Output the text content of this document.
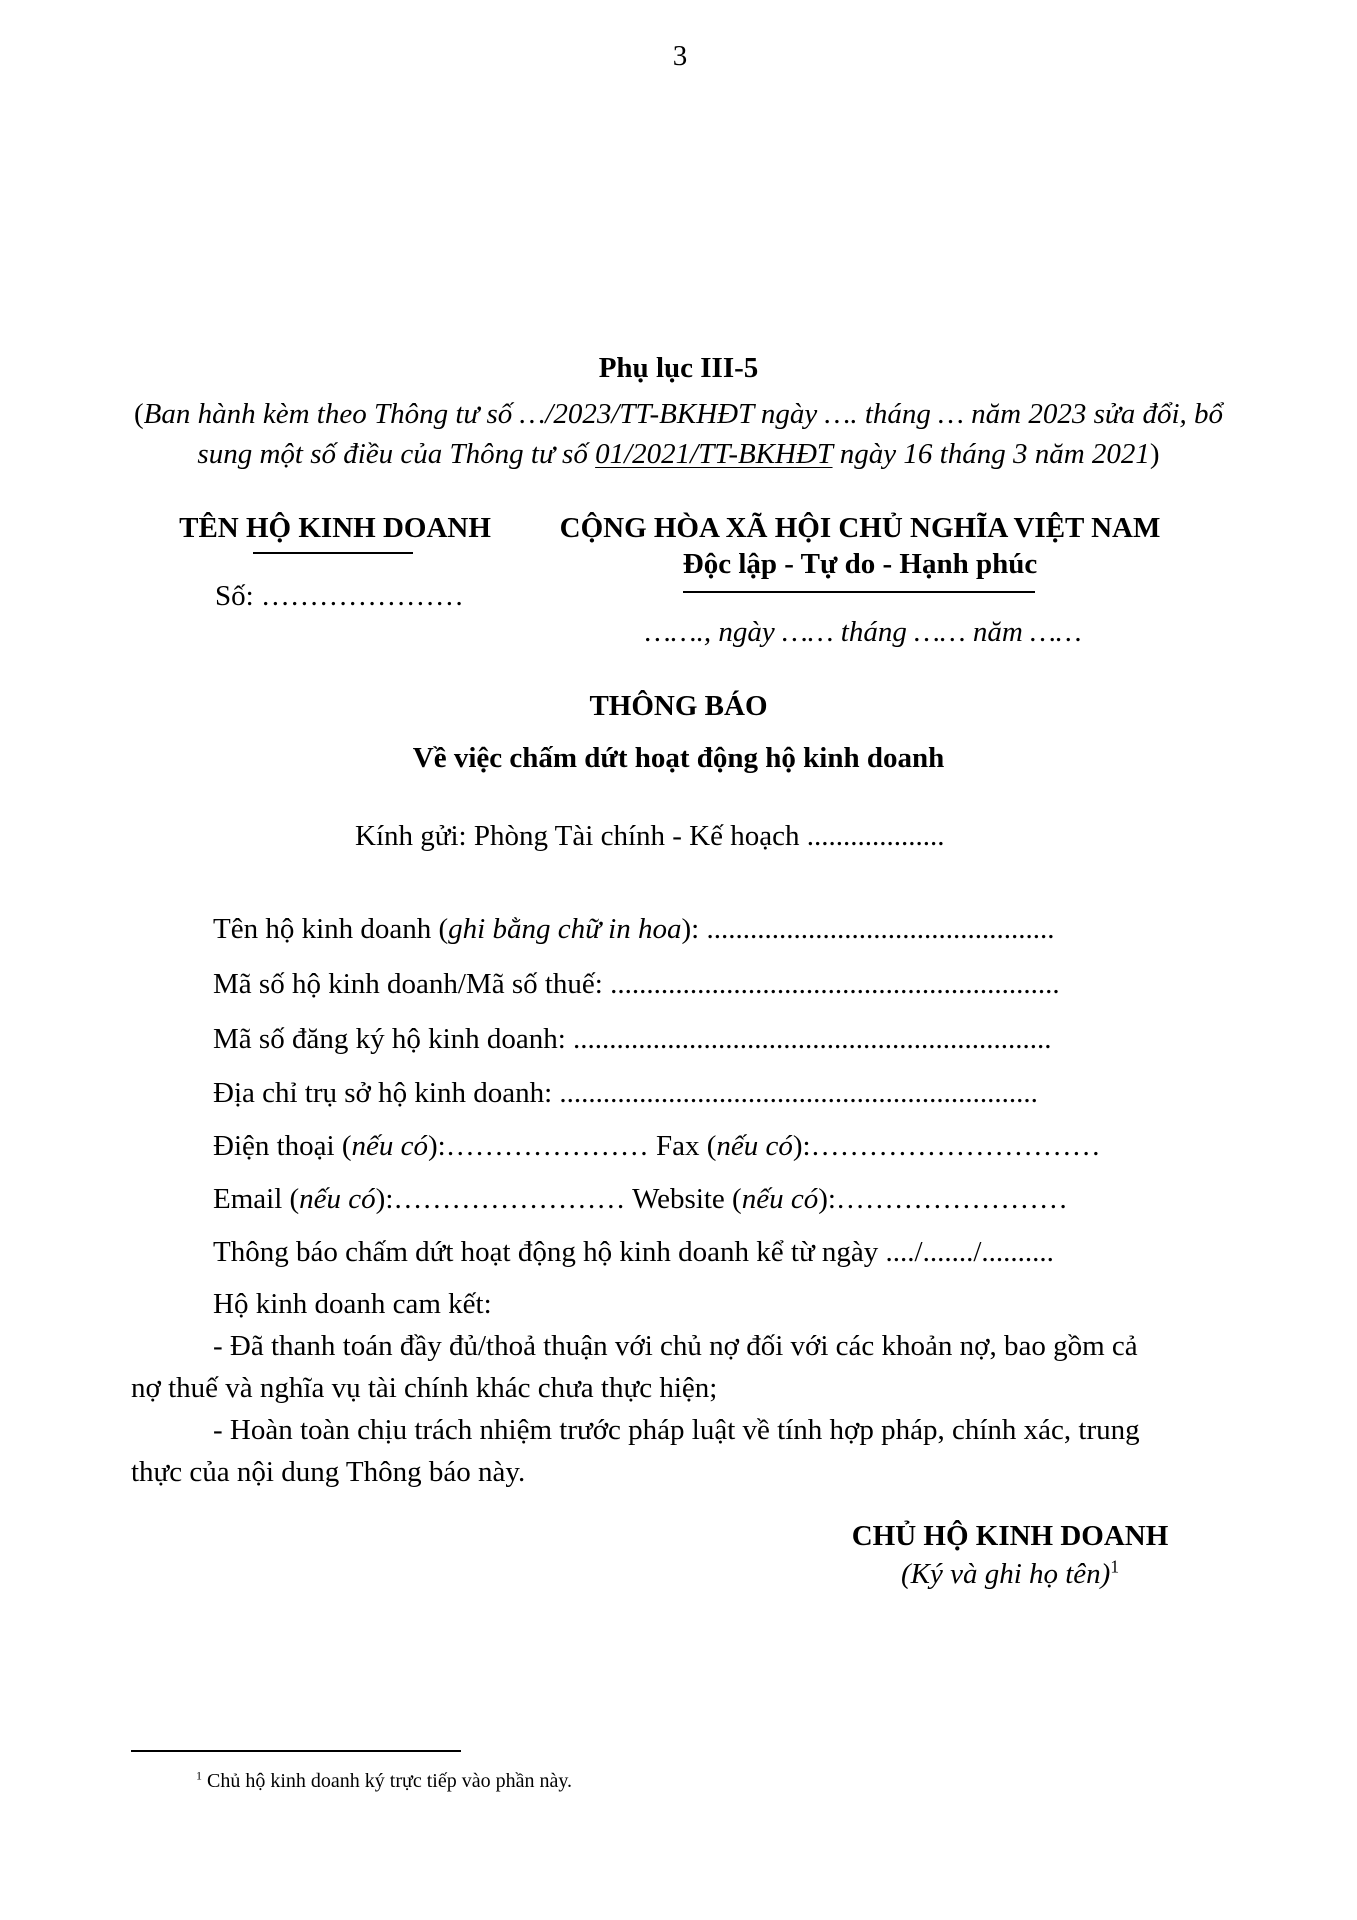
3
Phụ lục III-5
(Ban hành kèm theo Thông tư số …/2023/TT-BKHĐT ngày …. tháng … năm 2023 sửa đổi, bổ
sung một số điều của Thông tư số 01/2021/TT-BKHĐT ngày 16 tháng 3 năm 2021)
TÊN HỘ KINH DOANH
Số: …………………
CỘNG HÒA XÃ HỘI CHỦ NGHĨA VIỆT NAM
Độc lập - Tự do - Hạnh phúc
……., ngày …… tháng …… năm ……
THÔNG BÁO
Về việc chấm dứt hoạt động hộ kinh doanh
Kính gửi: Phòng Tài chính - Kế hoạch ...................
Tên hộ kinh doanh (ghi bằng chữ in hoa): ................................................
Mã số hộ kinh doanh/Mã số thuế: ..............................................................
Mã số đăng ký hộ kinh doanh: ..................................................................
Địa chỉ trụ sở hộ kinh doanh: ..................................................................
Điện thoại (nếu có):………………… Fax (nếu có):…………………………
Email (nếu có):…………………… Website (nếu có):……………………
Thông báo chấm dứt hoạt động hộ kinh doanh kể từ ngày ..../......./..........
Hộ kinh doanh cam kết:
- Đã thanh toán đầy đủ/thoả thuận với chủ nợ đối với các khoản nợ, bao gồm cả
nợ thuế và nghĩa vụ tài chính khác chưa thực hiện;
- Hoàn toàn chịu trách nhiệm trước pháp luật về tính hợp pháp, chính xác, trung
thực của nội dung Thông báo này.
CHỦ HỘ KINH DOANH
(Ký và ghi họ tên)$^1$
$^1$ Chủ hộ kinh doanh ký trực tiếp vào phần này.
